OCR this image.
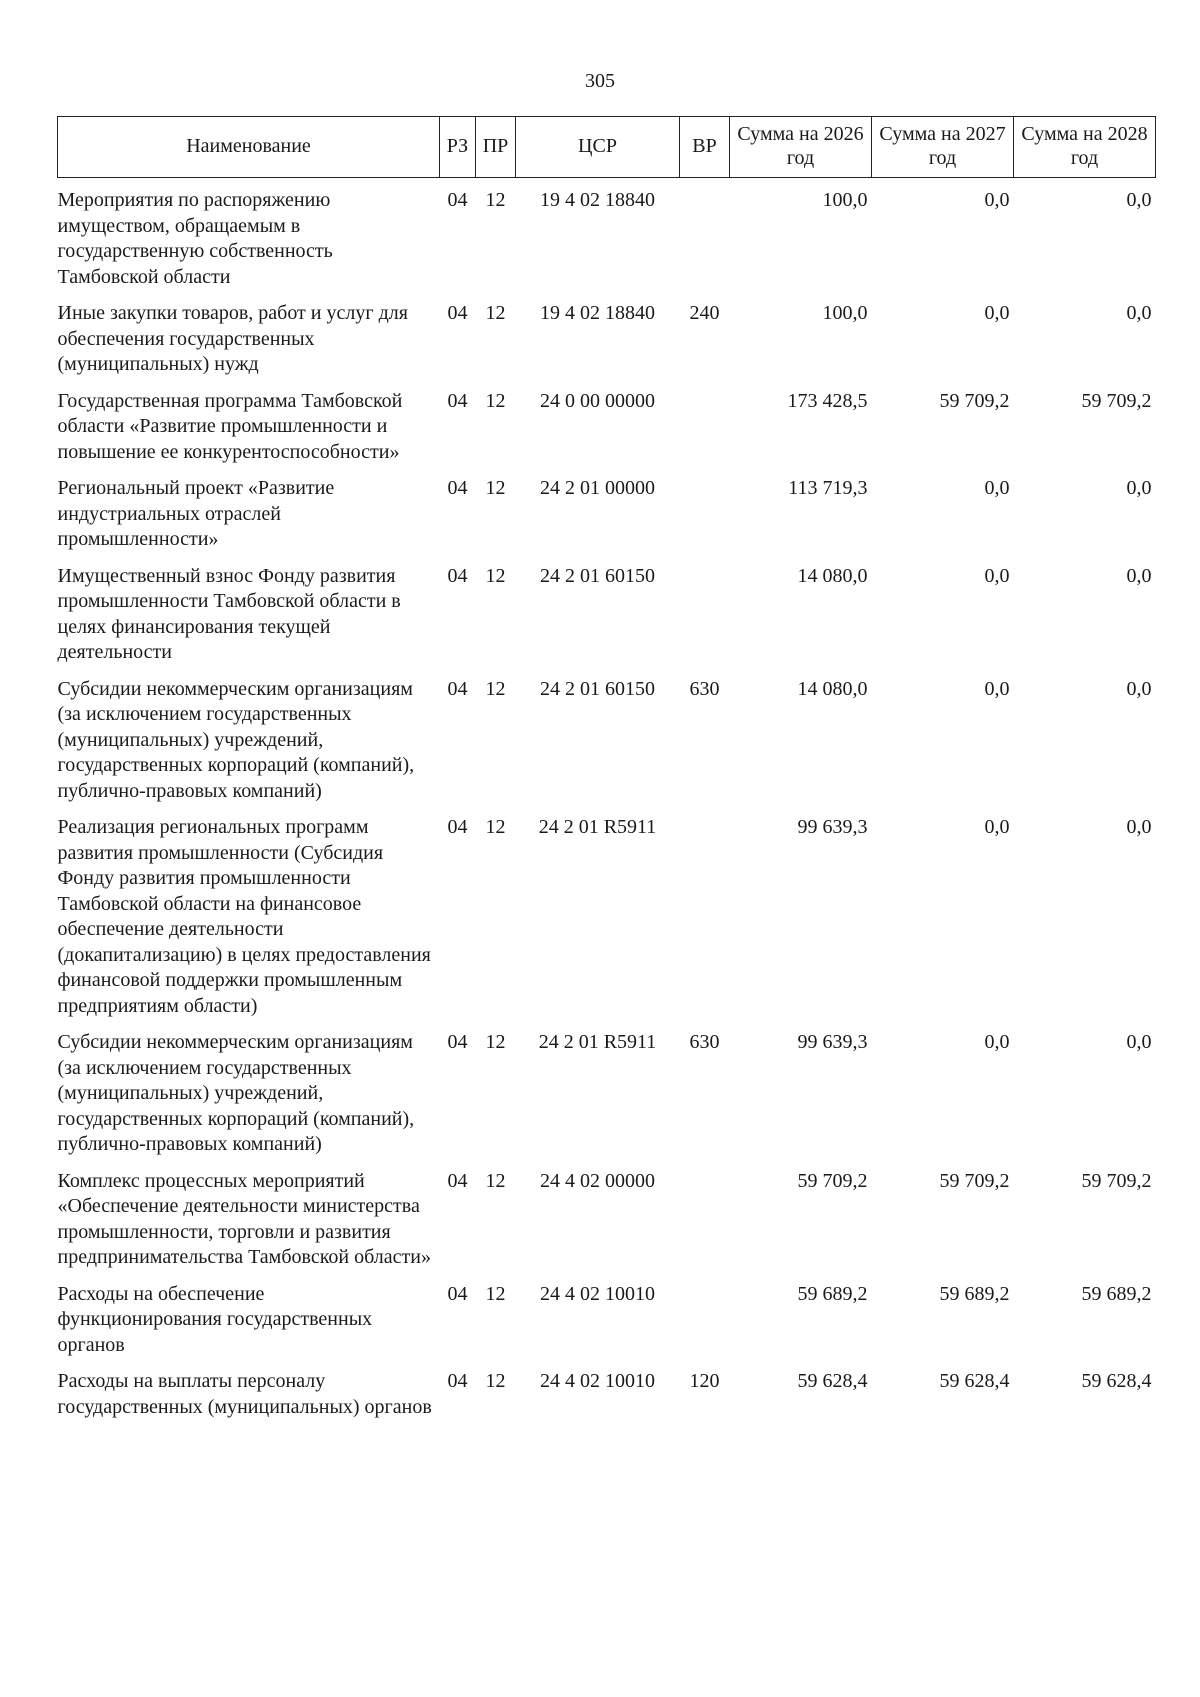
305
Наименование	РЗ	ПР	ЦСР	ВР	Сумма на 2026 год	Сумма на 2027 год	Сумма на 2028 год
Мероприятия по распоряжению имуществом, обращаемым в государственную собственность Тамбовской области	04	12	19 4 02 18840		100,0	0,0	0,0
Иные закупки товаров, работ и услуг для обеспечения государственных (муниципальных) нужд	04	12	19 4 02 18840	240	100,0	0,0	0,0
Государственная программа Тамбовской области «Развитие промышленности и повышение ее конкурентоспособности»	04	12	24 0 00 00000		173 428,5	59 709,2	59 709,2
Региональный проект «Развитие индустриальных отраслей промышленности»	04	12	24 2 01 00000		113 719,3	0,0	0,0
Имущественный взнос Фонду развития промышленности Тамбовской области в целях финансирования текущей деятельности	04	12	24 2 01 60150		14 080,0	0,0	0,0
Субсидии некоммерческим организациям (за исключением государственных (муниципальных) учреждений, государственных корпораций (компаний), публично-правовых компаний)	04	12	24 2 01 60150	630	14 080,0	0,0	0,0
Реализация региональных программ развития промышленности (Субсидия Фонду развития промышленности Тамбовской области на финансовое обеспечение деятельности (докапитализацию) в целях предоставления финансовой поддержки промышленным предприятиям области)	04	12	24 2 01 R5911		99 639,3	0,0	0,0
Субсидии некоммерческим организациям (за исключением государственных (муниципальных) учреждений, государственных корпораций (компаний), публично-правовых компаний)	04	12	24 2 01 R5911	630	99 639,3	0,0	0,0
Комплекс процессных мероприятий «Обеспечение деятельности министерства промышленности, торговли и развития предпринимательства Тамбовской области»	04	12	24 4 02 00000		59 709,2	59 709,2	59 709,2
Расходы на обеспечение функционирования государственных органов	04	12	24 4 02 10010		59 689,2	59 689,2	59 689,2
Расходы на выплаты персоналу государственных (муниципальных) органов	04	12	24 4 02 10010	120	59 628,4	59 628,4	59 628,4
